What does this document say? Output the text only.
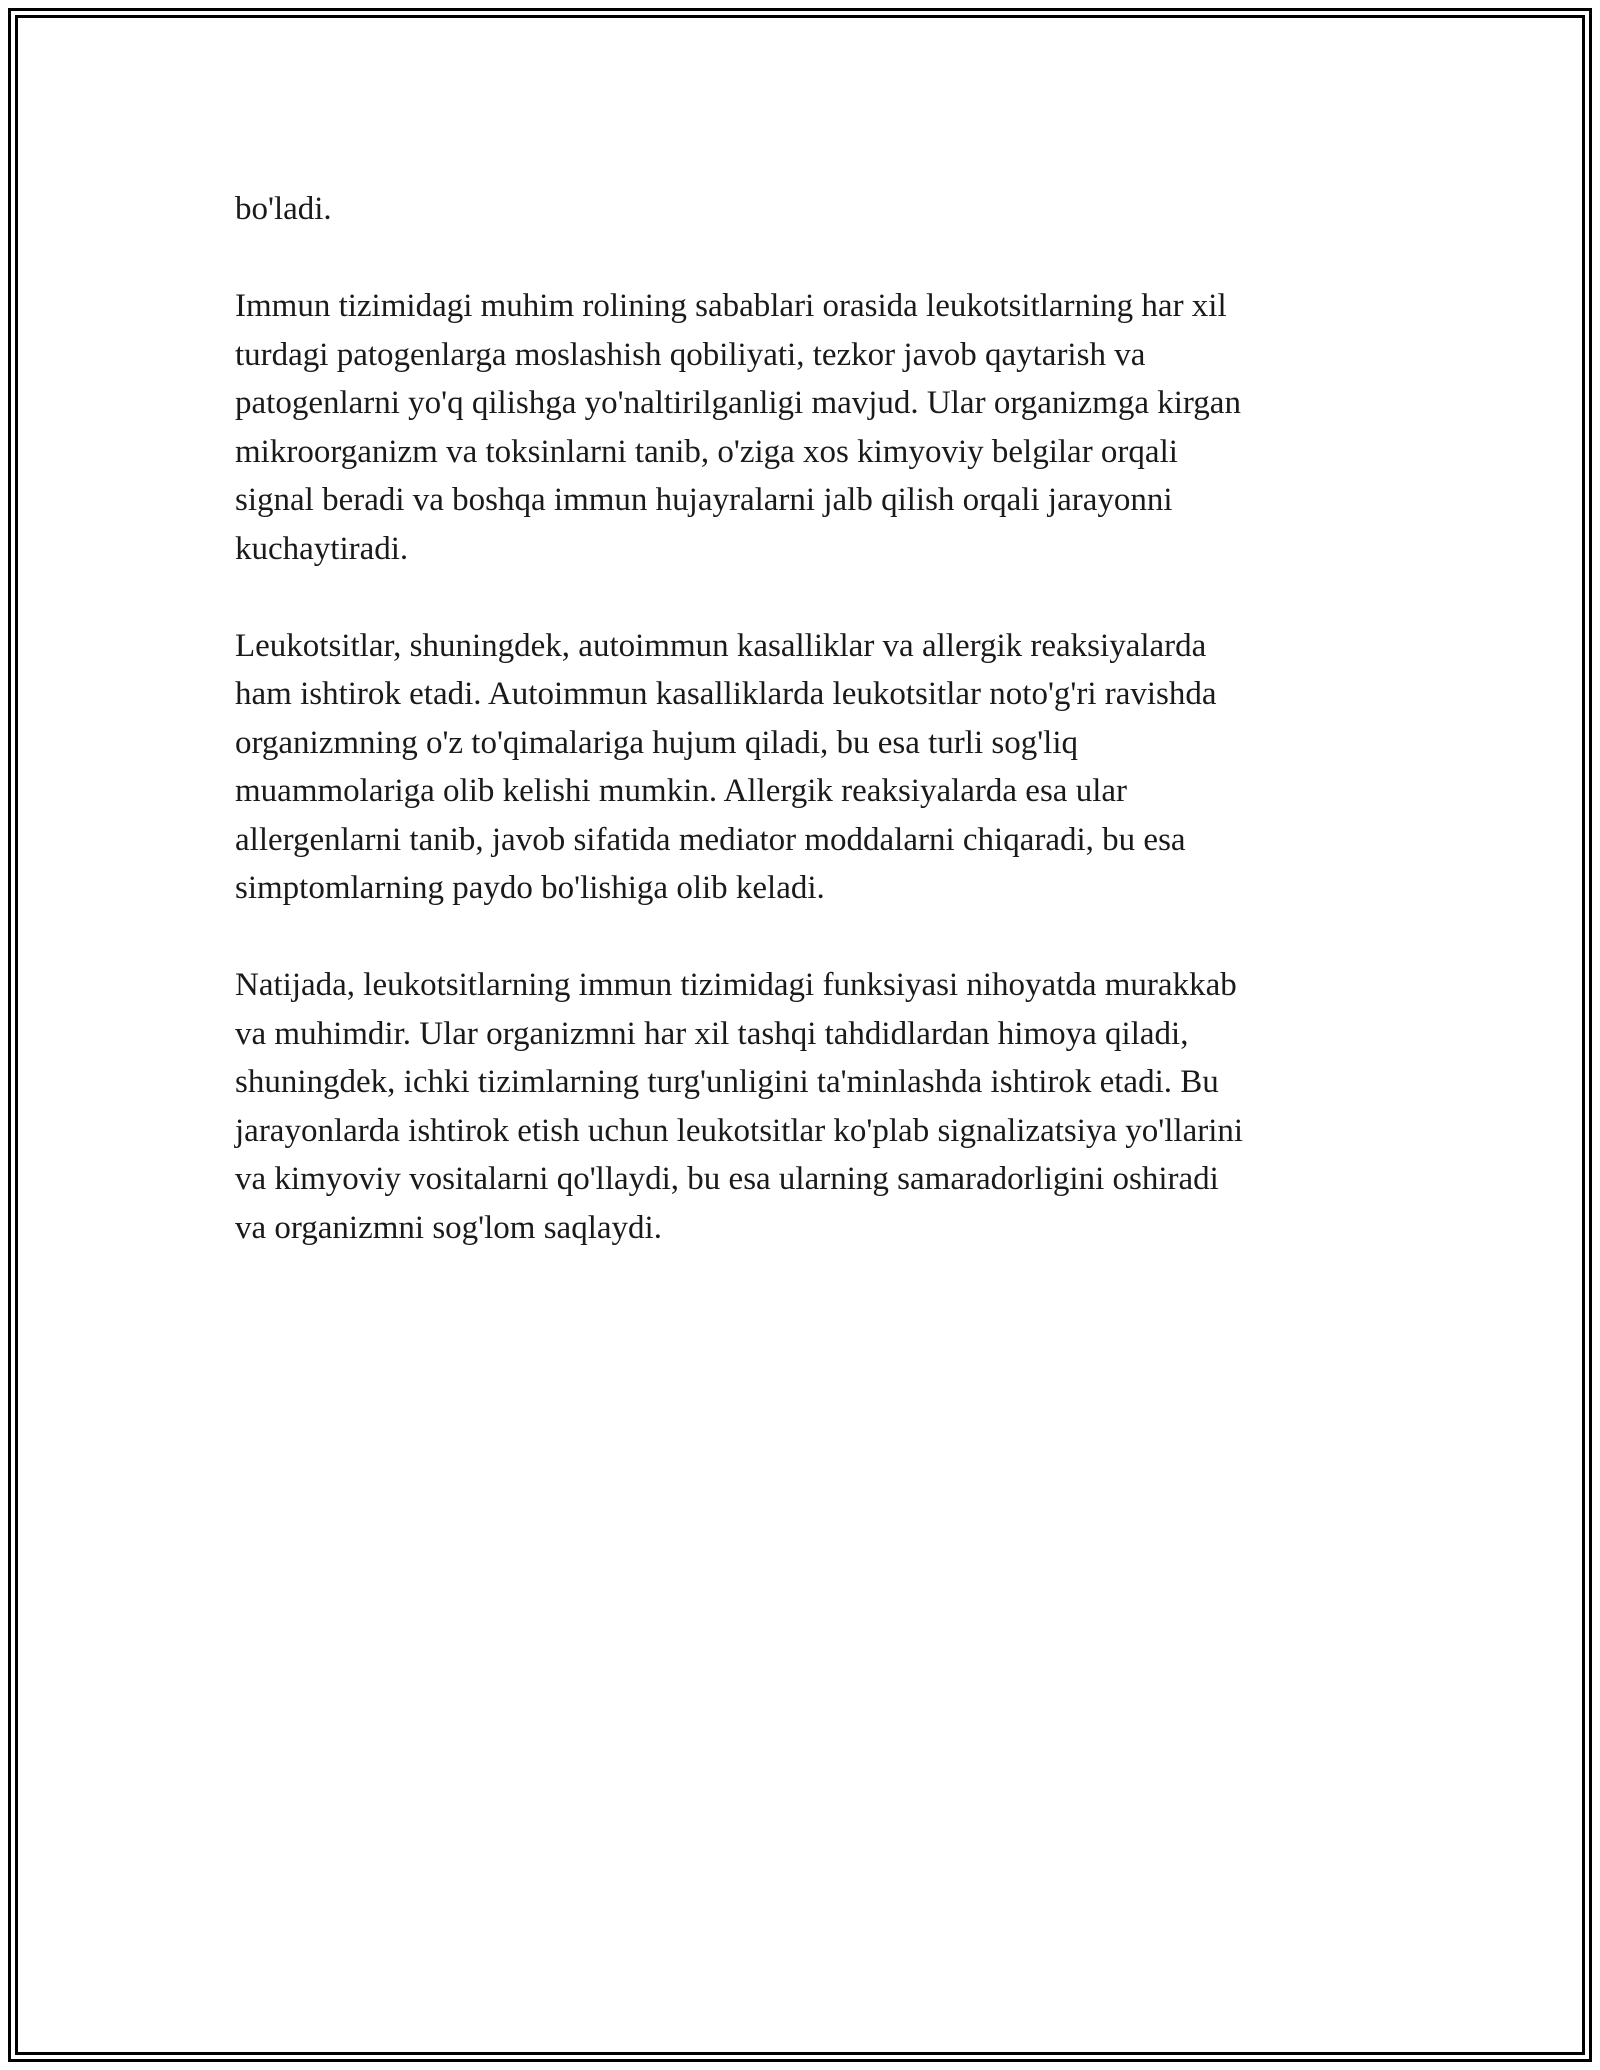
bo'ladi.

Immun tizimidagi muhim rolining sabablari orasida leukotsitlarning har xil
turdagi patogenlarga moslashish qobiliyati, tezkor javob qaytarish va
patogenlarni yo'q qilishga yo'naltirilganligi mavjud. Ular organizmga kirgan
mikroorganizm va toksinlarni tanib, o'ziga xos kimyoviy belgilar orqali
signal beradi va boshqa immun hujayralarni jalb qilish orqali jarayonni
kuchaytiradi.

Leukotsitlar, shuningdek, autoimmun kasalliklar va allergik reaksiyalarda
ham ishtirok etadi. Autoimmun kasalliklarda leukotsitlar noto'g'ri ravishda
organizmning o'z to'qimalariga hujum qiladi, bu esa turli sog'liq
muammolariga olib kelishi mumkin. Allergik reaksiyalarda esa ular
allergenlarni tanib, javob sifatida mediator moddalarni chiqaradi, bu esa
simptomlarning paydo bo'lishiga olib keladi.

Natijada, leukotsitlarning immun tizimidagi funksiyasi nihoyatda murakkab
va muhimdir. Ular organizmni har xil tashqi tahdidlardan himoya qiladi,
shuningdek, ichki tizimlarning turg'unligini ta'minlashda ishtirok etadi. Bu
jarayonlarda ishtirok etish uchun leukotsitlar ko'plab signalizatsiya yo'llarini
va kimyoviy vositalarni qo'llaydi, bu esa ularning samaradorligini oshiradi
va organizmni sog'lom saqlaydi.
